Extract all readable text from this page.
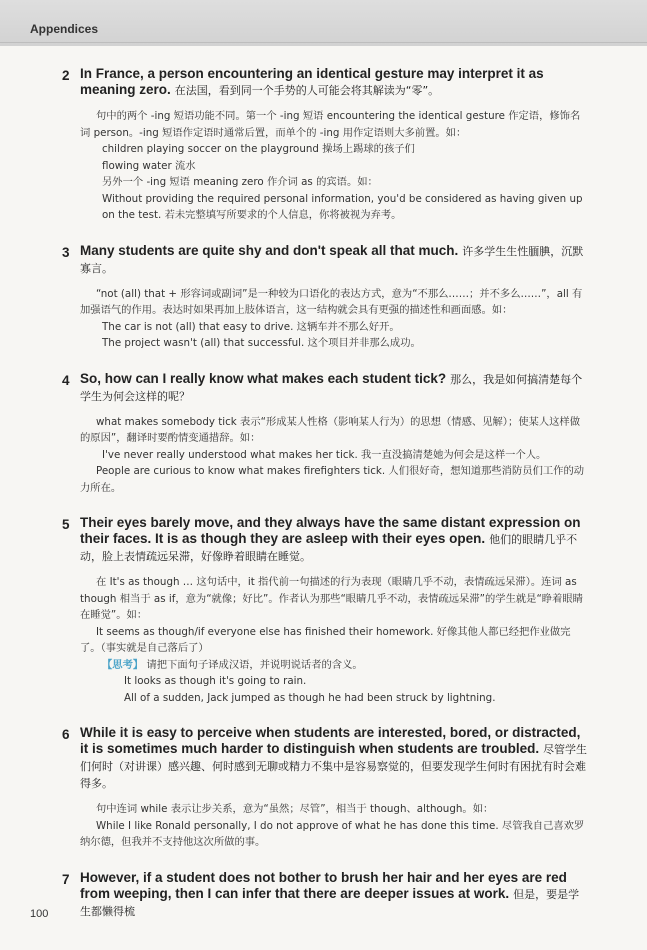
Appendices
2 In France, a person encountering an identical gesture may interpret it as meaning zero. 在法国，看到同一个手势的人可能会将其解读为“零”。

句中的两个 -ing 短语功能不同。第一个 -ing 短语 encountering the identical gesture 作定语，修饰名词 person。-ing 短语作定语时通常后置，而单个的 -ing 用作定语则大多前置。如：

children playing soccer on the playground 操场上踢球的孩子们

flowing water 流水

另外一个 -ing 短语 meaning zero 作介词 as 的宾语。如：

Without providing the required personal information, you'd be considered as having given up on the test. 若未完整填写所要求的个人信息，你将被视为弃考。

3 Many students are quite shy and don't speak all that much. 许多学生生性腼腆，沉默寡言。

“not (all) that + 形容词或副词”是一种较为口语化的表达方式，意为“不那么……；并不多么……”，all 有加强语气的作用。表达时如果再加上肢体语言，这一结构就会具有更强的描述性和画面感。如：

The car is not (all) that easy to drive. 这辆车并不那么好开。

The project wasn't (all) that successful. 这个项目并非那么成功。

4 So, how can I really know what makes each student tick? 那么，我是如何搞清楚每个学生为何会这样的呢？

what makes somebody tick 表示“形成某人性格（影响某人行为）的思想（情感、见解）；使某人这样做的原因”，翻译时要酌情变通措辞。如：

I've never really understood what makes her tick. 我一直没搞清楚她为何会是这样一个人。

People are curious to know what makes firefighters tick. 人们很好奇，想知道那些消防员们工作的动力所在。

5 Their eyes barely move, and they always have the same distant expression on their faces. It is as though they are asleep with their eyes open. 他们的眼睛几乎不动，脸上表情疏远呆滞，好像睁着眼睛在睡觉。

在 It's as though … 这句话中，it 指代前一句描述的行为表现（眼睛几乎不动，表情疏远呆滞）。连词 as though 相当于 as if，意为“就像；好比”。作者认为那些“眼睛几乎不动，表情疏远呆滞”的学生就是“睁着眼睛在睡觉”。如：

It seems as though/if everyone else has finished their homework. 好像其他人都已经把作业做完了。（事实就是自己落后了）

【思考】 请把下面句子译成汉语，并说明说话者的含义。

It looks as though it's going to rain.

All of a sudden, Jack jumped as though he had been struck by lightning.

6 While it is easy to perceive when students are interested, bored, or distracted, it is sometimes much harder to distinguish when students are troubled. 尽管学生们何时（对讲课）感兴趣、何时感到无聊或精力不集中是容易察觉的，但要发现学生何时有困扰有时会难得多。

句中连词 while 表示让步关系，意为“虽然；尽管”，相当于 though、although。如：

While I like Ronald personally, I do not approve of what he has done this time. 尽管我自己喜欢罗纳尔德，但我并不支持他这次所做的事。

7 However, if a student does not bother to brush her hair and her eyes are red from weeping, then I can infer that there are deeper issues at work. 但是，要是学生都懒得梳
100
